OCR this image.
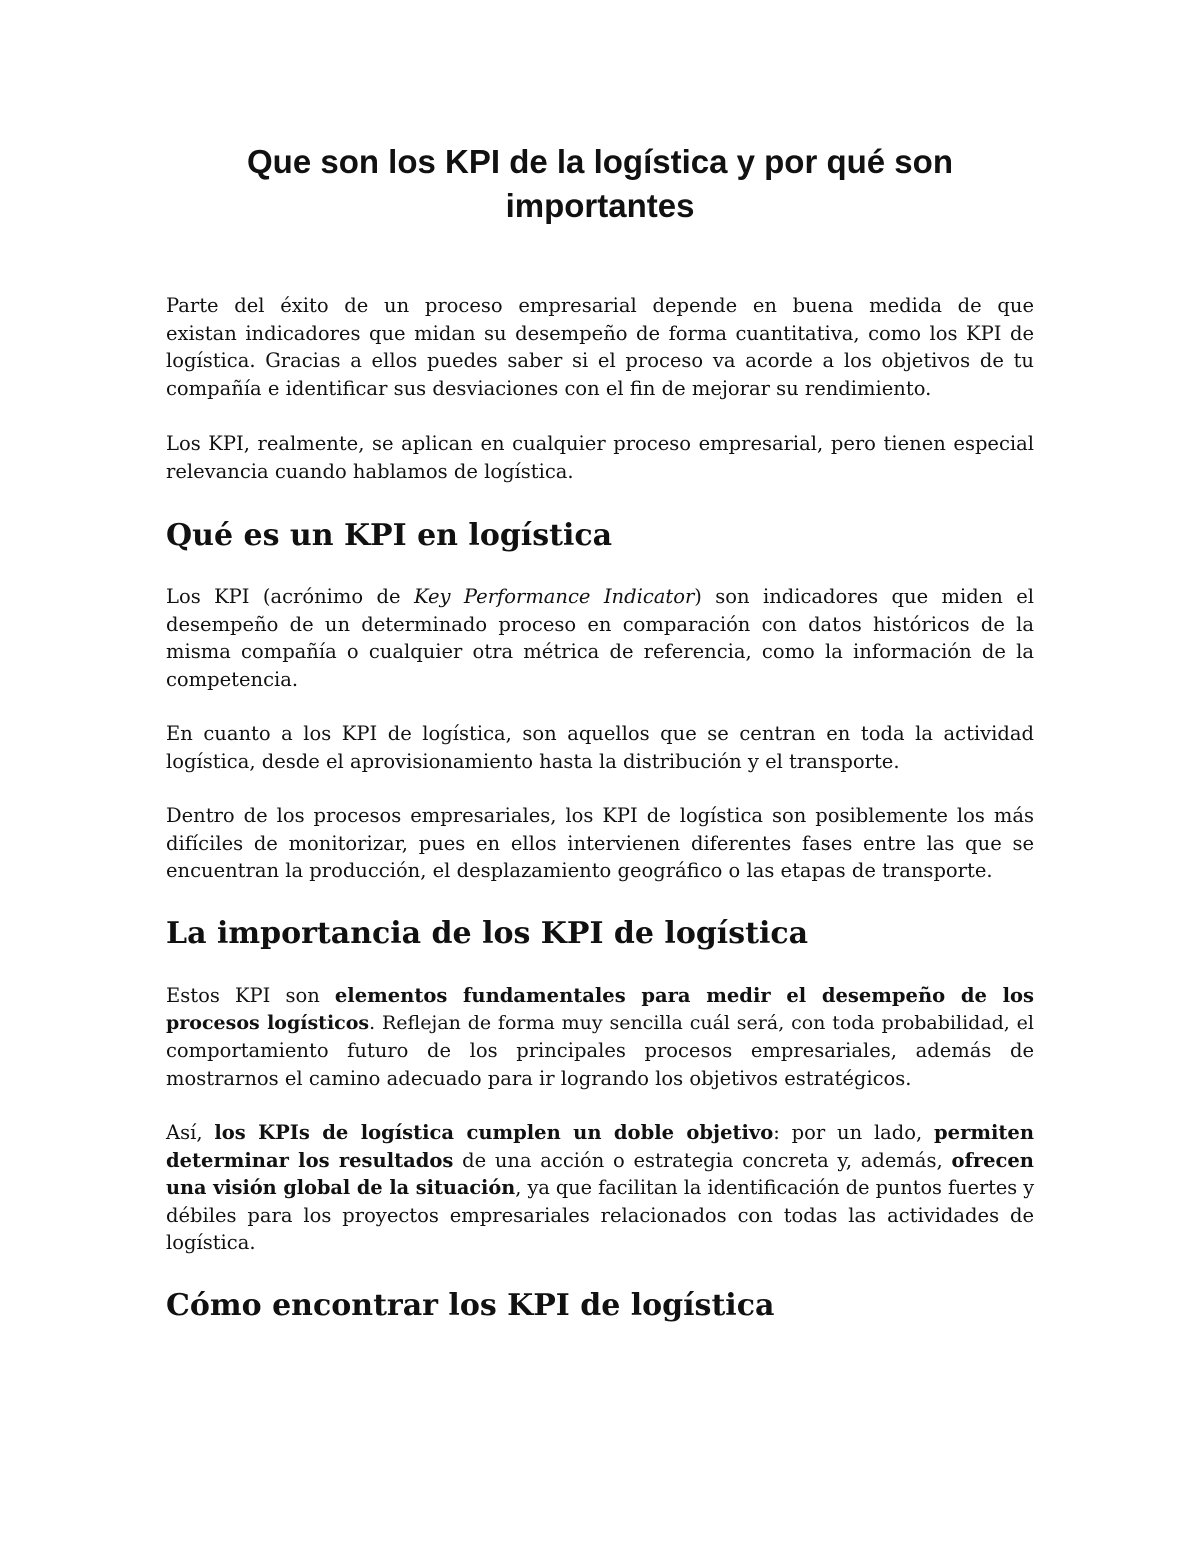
Que son los KPI de la logística y por qué son
importantes

Parte del éxito de un proceso empresarial depende en buena medida de que
existan indicadores que midan su desempeño de forma cuantitativa, como los KPI de
logística. Gracias a ellos puedes saber si el proceso va acorde a los objetivos de tu
compañía e identificar sus desviaciones con el fin de mejorar su rendimiento.

Los KPI, realmente, se aplican en cualquier proceso empresarial, pero tienen especial
relevancia cuando hablamos de logística.

Qué es un KPI en logística

Los KPI (acrónimo de Key Performance Indicator) son indicadores que miden el
desempeño de un determinado proceso en comparación con datos históricos de la
misma compañía o cualquier otra métrica de referencia, como la información de la
competencia.

En cuanto a los KPI de logística, son aquellos que se centran en toda la actividad
logística, desde el aprovisionamiento hasta la distribución y el transporte.

Dentro de los procesos empresariales, los KPI de logística son posiblemente los más
difíciles de monitorizar, pues en ellos intervienen diferentes fases entre las que se
encuentran la producción, el desplazamiento geográfico o las etapas de transporte.

La importancia de los KPI de logística

Estos KPI son elementos fundamentales para medir el desempeño de los
procesos logísticos. Reflejan de forma muy sencilla cuál será, con toda probabilidad, el
comportamiento futuro de los principales procesos empresariales, además de
mostrarnos el camino adecuado para ir logrando los objetivos estratégicos.

Así, los KPIs de logística cumplen un doble objetivo: por un lado, permiten
determinar los resultados de una acción o estrategia concreta y, además, ofrecen
una visión global de la situación, ya que facilitan la identificación de puntos fuertes y
débiles para los proyectos empresariales relacionados con todas las actividades de
logística.

Cómo encontrar los KPI de logística
